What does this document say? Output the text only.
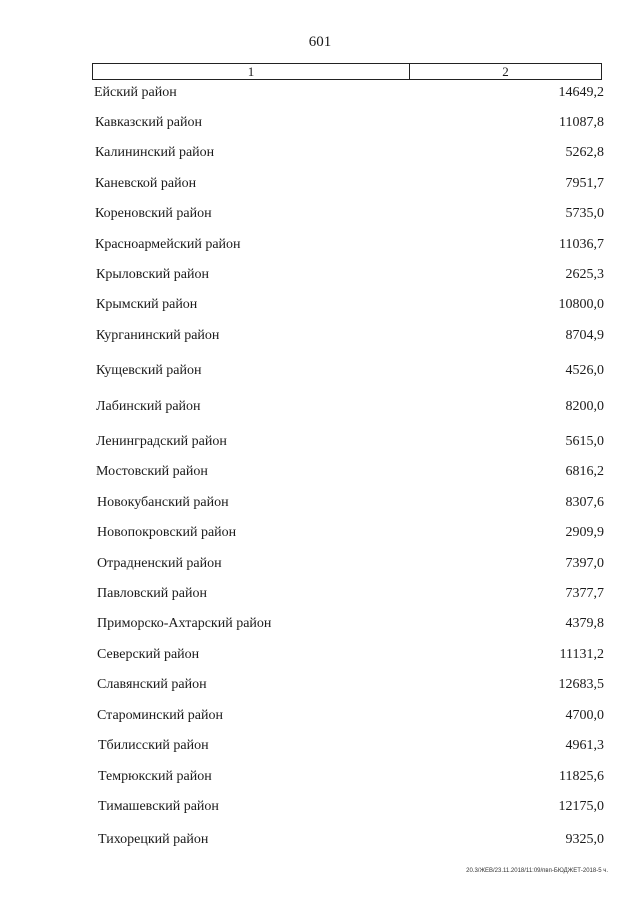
601
1	2
Ейский район	14649,2
Кавказский район	11087,8
Калининский район	5262,8
Каневской район	7951,7
Кореновский район	5735,0
Красноармейский район	11036,7
Крыловский район	2625,3
Крымский район	10800,0
Курганинский район	8704,9
Кущевский район	4526,0
Лабинский район	8200,0
Ленинградский район	5615,0
Мостовский район	6816,2
Новокубанский район	8307,6
Новопокровский район	2909,9
Отрадненский район	7397,0
Павловский район	7377,7
Приморско-Ахтарский район	4379,8
Северский район	11131,2
Славянский район	12683,5
Староминский район	4700,0
Тбилисский район	4961,3
Темрюкский район	11825,6
Тимашевский район	12175,0
Тихорецкий район	9325,0
20.3/ЖЕВ/23.11.2018/11:09/пвп-БЮДЖЕТ-2018-5 ч.
